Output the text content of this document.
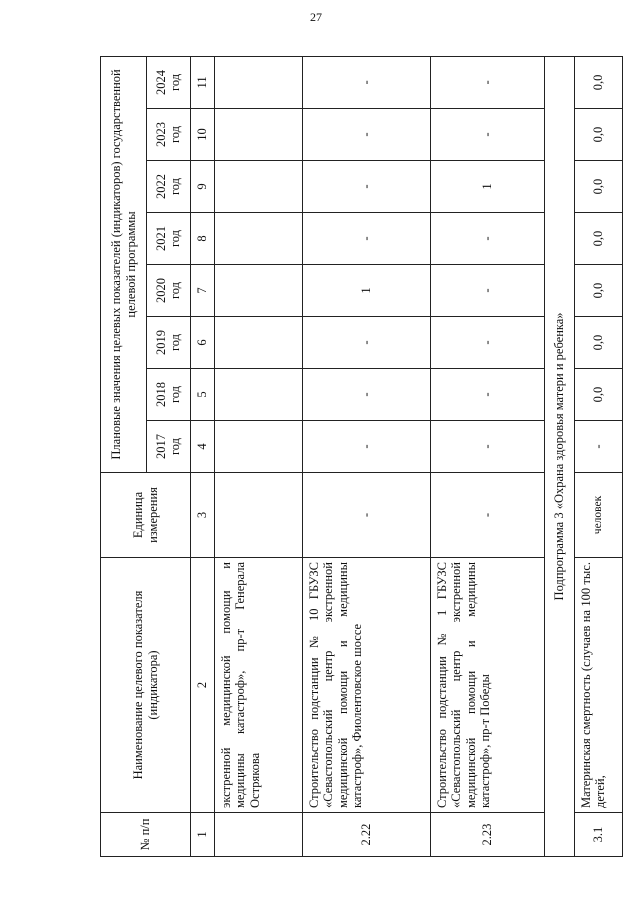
27
№ п/п	Наименование целевого показателя (индикатора)	Единица измерения	Плановые значения целевых показателей (индикаторов) государственной целевой программы							
			2017 год	2018 год	2019 год	2020 год	2021 год	2022 год	2023 год	2024 год
1	2	3	4	5	6	7	8	9	10	11
	экстренной медицинской помощи и медицины катастроф», пр-т Генерала Острякова									
2.22	Строительство подстанции № 10 ГБУЗС «Севастопольский центр экстренной медицинской помощи и медицины катастроф», Фиолентовское шоссе	-	-	-	-	1	-	-	-	-
2.23	Строительство подстанции № 1 ГБУЗС «Севастопольский центр экстренной медицинской помощи и медицины катастроф», пр-т Победы	-	-	-	-	-	-	1	-	-
Подпрограмма 3 «Охрана здоровья матери и ребенка»										
3.1	Материнская смертность (случаев на 100 тыс. детей,	человек	-	0,0	0,0	0,0	0,0	0,0	0,0	0,0
